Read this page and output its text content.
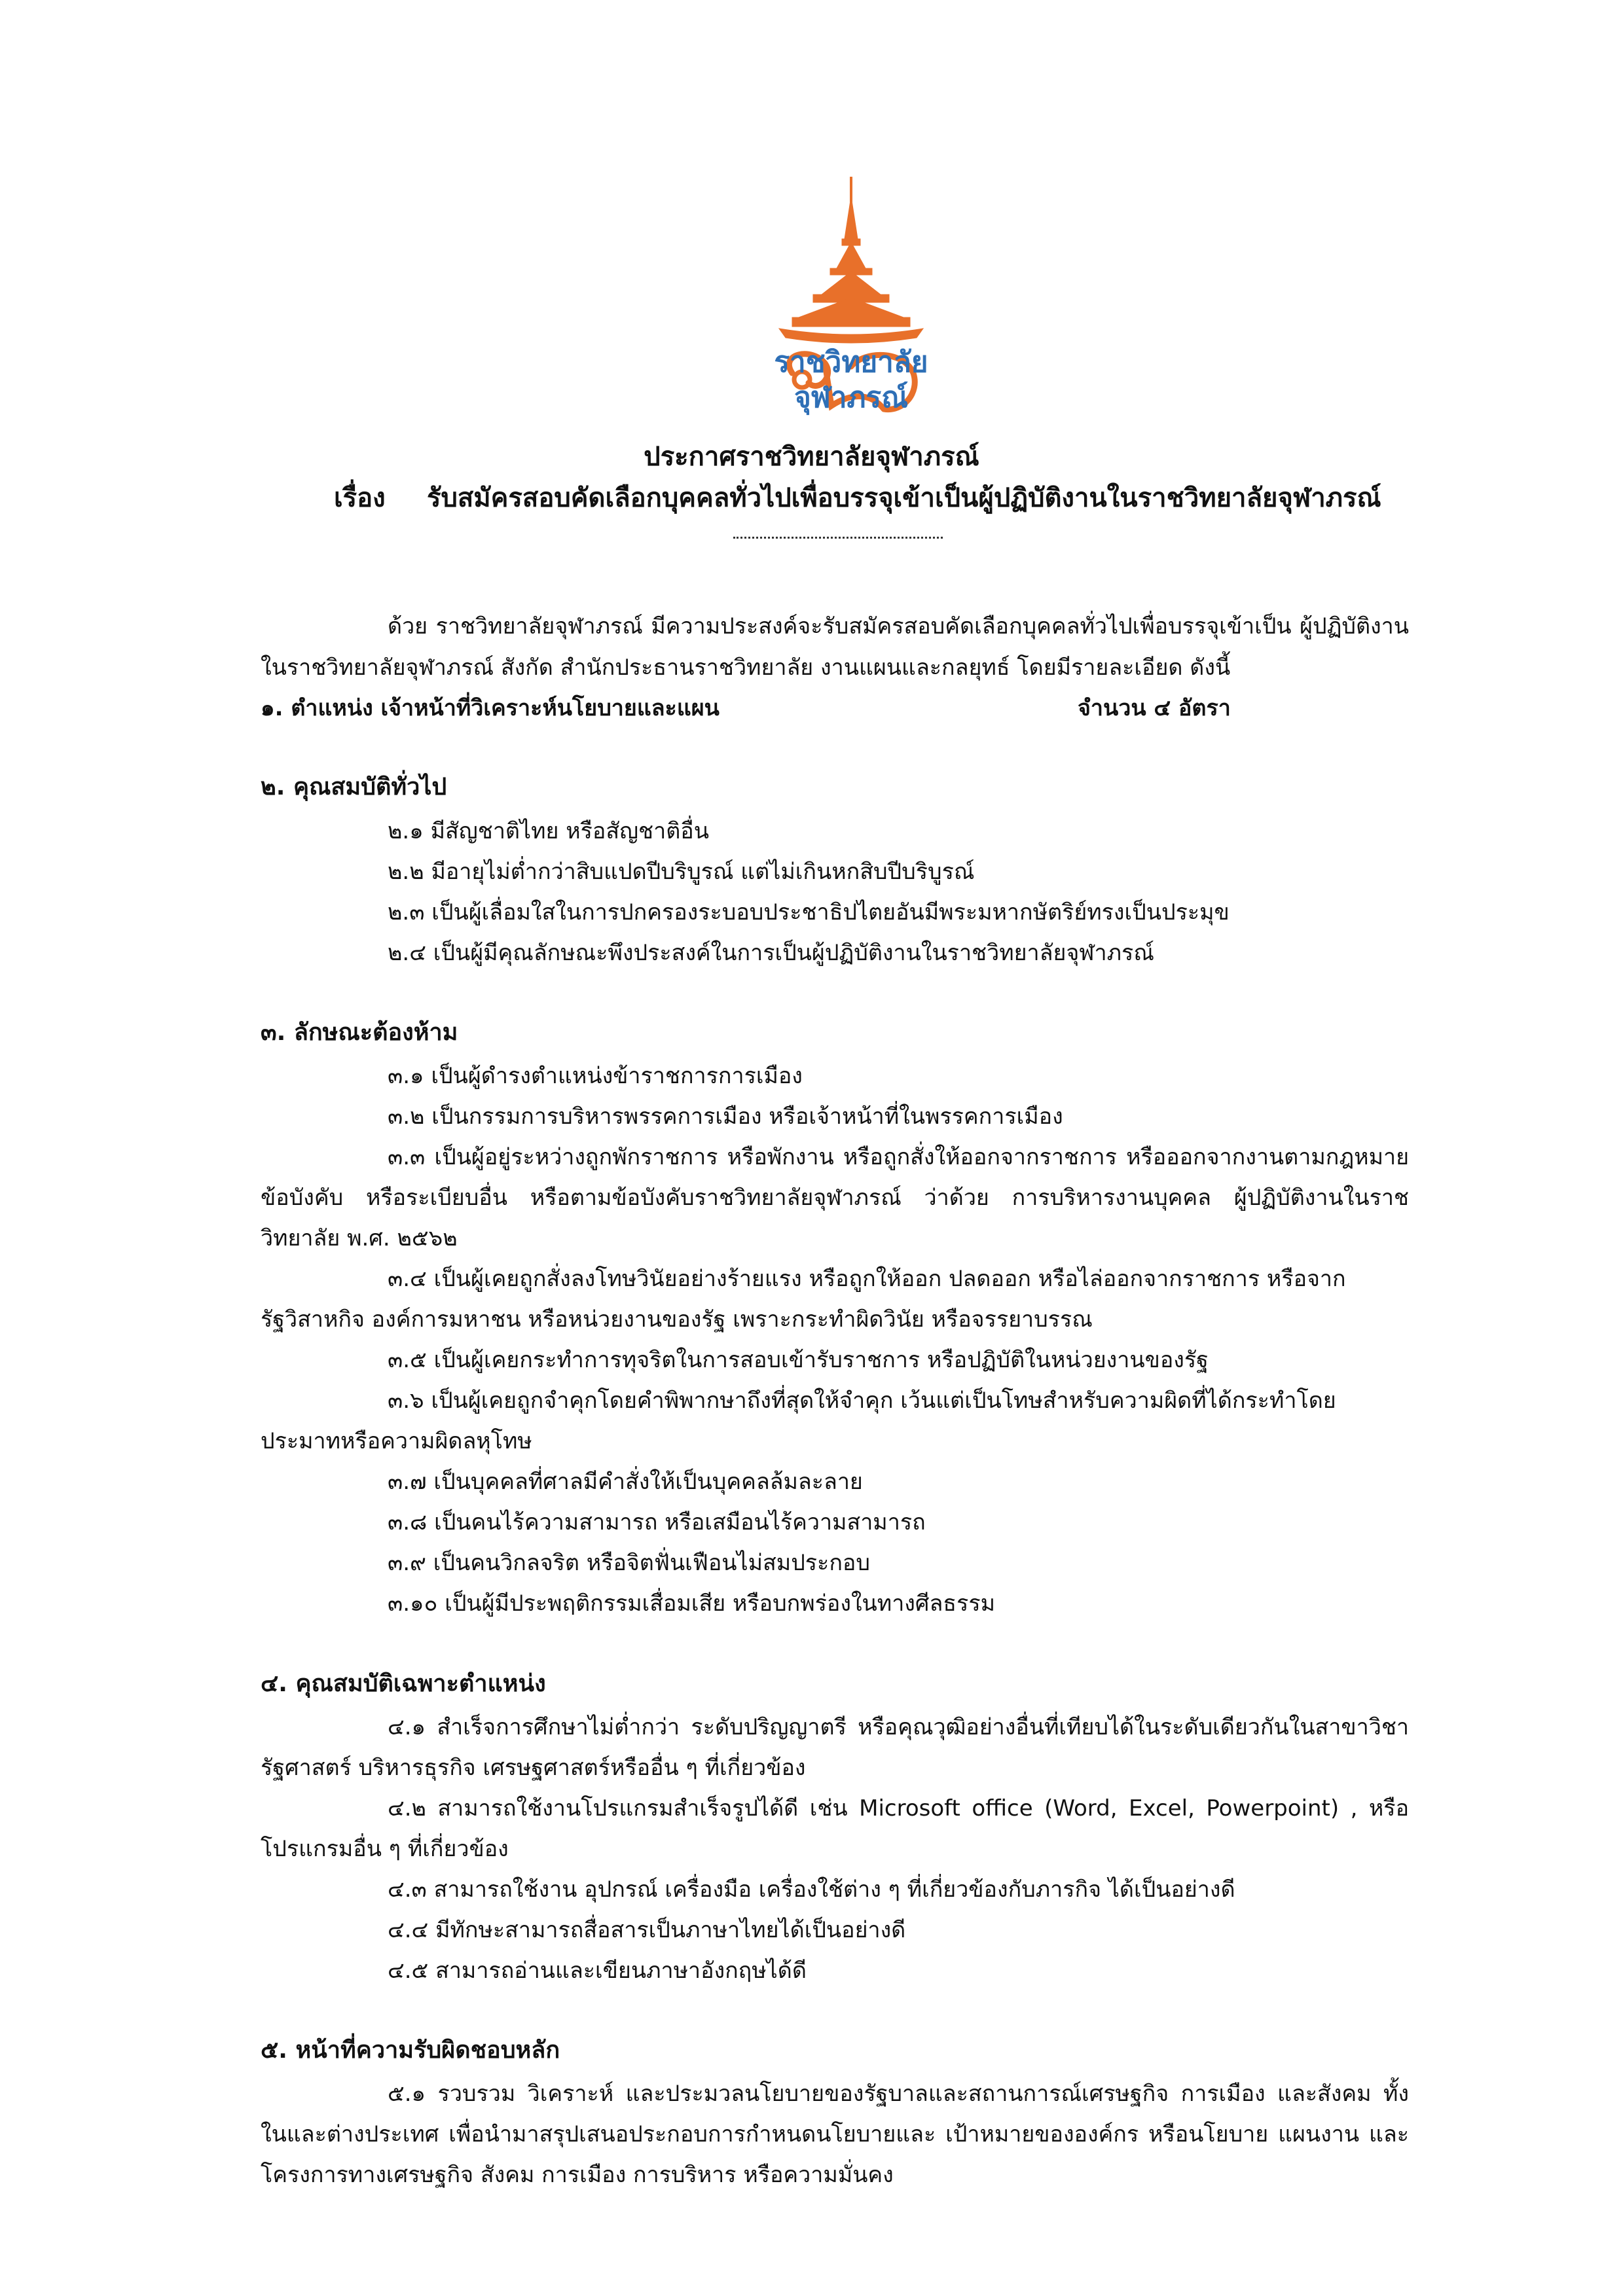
ราชวิทยาลัย
จุฬาภรณ์
ประกาศราชวิทยาลัยจุฬาภรณ์
เรื่อง รับสมัครสอบคัดเลือกบุคคลทั่วไปเพื่อบรรจุเข้าเป็นผู้ปฏิบัติงานในราชวิทยาลัยจุฬาภรณ์
ด้วย ราชวิทยาลัยจุฬาภรณ์ มีความประสงค์จะรับสมัครสอบคัดเลือกบุคคลทั่วไปเพื่อบรรจุเข้าเป็น ผู้ปฏิบัติงาน
ในราชวิทยาลัยจุฬาภรณ์ สังกัด สำนักประธานราชวิทยาลัย งานแผนและกลยุทธ์ โดยมีรายละเอียด ดังนี้
๑. ตำแหน่ง เจ้าหน้าที่วิเคราะห์นโยบายและแผน	จำนวน ๔ อัตรา
๒. คุณสมบัติทั่วไป
๒.๑ มีสัญชาติไทย หรือสัญชาติอื่น
๒.๒ มีอายุไม่ต่ำกว่าสิบแปดปีบริบูรณ์ แต่ไม่เกินหกสิบปีบริบูรณ์
๒.๓ เป็นผู้เลื่อมใสในการปกครองระบอบประชาธิปไตยอันมีพระมหากษัตริย์ทรงเป็นประมุข
๒.๔ เป็นผู้มีคุณลักษณะพึงประสงค์ในการเป็นผู้ปฏิบัติงานในราชวิทยาลัยจุฬาภรณ์
๓. ลักษณะต้องห้าม
๓.๑ เป็นผู้ดำรงตำแหน่งข้าราชการการเมือง
๓.๒ เป็นกรรมการบริหารพรรคการเมือง หรือเจ้าหน้าที่ในพรรคการเมือง
๓.๓ เป็นผู้อยู่ระหว่างถูกพักราชการ หรือพักงาน หรือถูกสั่งให้ออกจากราชการ หรือออกจากงานตามกฎหมาย
ข้อบังคับ หรือระเบียบอื่น หรือตามข้อบังคับราชวิทยาลัยจุฬาภรณ์ ว่าด้วย การบริหารงานบุคคล ผู้ปฏิบัติงานในราช
วิทยาลัย พ.ศ. ๒๕๖๒
๓.๔ เป็นผู้เคยถูกสั่งลงโทษวินัยอย่างร้ายแรง หรือถูกให้ออก ปลดออก หรือไล่ออกจากราชการ หรือจาก
รัฐวิสาหกิจ องค์การมหาชน หรือหน่วยงานของรัฐ เพราะกระทำผิดวินัย หรือจรรยาบรรณ
๓.๕ เป็นผู้เคยกระทำการทุจริตในการสอบเข้ารับราชการ หรือปฏิบัติในหน่วยงานของรัฐ
๓.๖ เป็นผู้เคยถูกจำคุกโดยคำพิพากษาถึงที่สุดให้จำคุก เว้นแต่เป็นโทษสำหรับความผิดที่ได้กระทำโดย
ประมาทหรือความผิดลหุโทษ
๓.๗ เป็นบุคคลที่ศาลมีคำสั่งให้เป็นบุคคลล้มละลาย
๓.๘ เป็นคนไร้ความสามารถ หรือเสมือนไร้ความสามารถ
๓.๙ เป็นคนวิกลจริต หรือจิตฟั่นเฟือนไม่สมประกอบ
๓.๑๐ เป็นผู้มีประพฤติกรรมเสื่อมเสีย หรือบกพร่องในทางศีลธรรม
๔. คุณสมบัติเฉพาะตำแหน่ง
๔.๑ สำเร็จการศึกษาไม่ต่ำกว่า ระดับปริญญาตรี หรือคุณวุฒิอย่างอื่นที่เทียบได้ในระดับเดียวกันในสาขาวิชา
รัฐศาสตร์ บริหารธุรกิจ เศรษฐศาสตร์หรืออื่น ๆ ที่เกี่ยวข้อง
๔.๒ สามารถใช้งานโปรแกรมสำเร็จรูปได้ดี เช่น Microsoft office (Word, Excel, Powerpoint) , หรือ
โปรแกรมอื่น ๆ ที่เกี่ยวข้อง
๔.๓ สามารถใช้งาน อุปกรณ์ เครื่องมือ เครื่องใช้ต่าง ๆ ที่เกี่ยวข้องกับภารกิจ ได้เป็นอย่างดี
๔.๔ มีทักษะสามารถสื่อสารเป็นภาษาไทยได้เป็นอย่างดี
๔.๕ สามารถอ่านและเขียนภาษาอังกฤษได้ดี
๕. หน้าที่ความรับผิดชอบหลัก
๕.๑ รวบรวม วิเคราะห์ และประมวลนโยบายของรัฐบาลและสถานการณ์เศรษฐกิจ การเมือง และสังคม ทั้ง
ในและต่างประเทศ เพื่อนำมาสรุปเสนอประกอบการกำหนดนโยบายและ เป้าหมายขององค์กร หรือนโยบาย แผนงาน และ
โครงการทางเศรษฐกิจ สังคม การเมือง การบริหาร หรือความมั่นคง
